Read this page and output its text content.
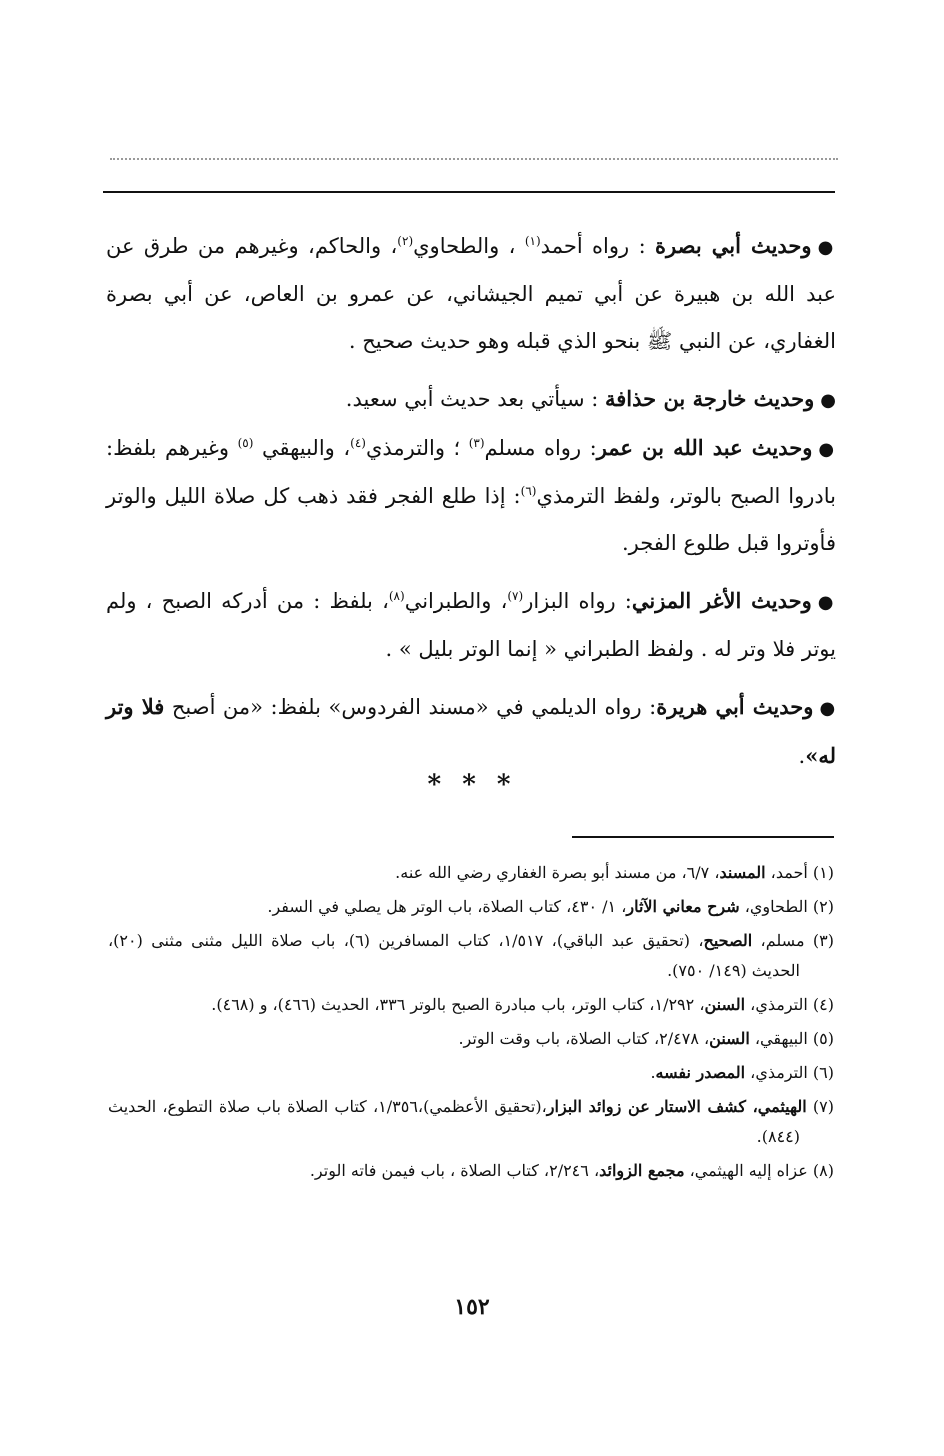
●وحديث أبي بصرة : رواه أحمد$^{(١)}$ ، والطحاوي$^{(٢)}$، والحاكم، وغيرهم من طرق عن عبد الله بن هبيرة عن أبي تميم الجيشاني، عن عمرو بن العاص، عن أبي بصرة الغفاري، عن النبي ﷺ بنحو الذي قبله وهو حديث صحيح .

●وحديث خارجة بن حذافة : سيأتي بعد حديث أبي سعيد.

●وحديث عبد الله بن عمر: رواه مسلم$^{(٣)}$ ؛ والترمذي$^{(٤)}$، والبيهقي $^{(٥)}$ وغيرهم بلفظ: بادروا الصبح بالوتر، ولفظ الترمذي$^{(٦)}$: إذا طلع الفجر فقد ذهب كل صلاة الليل والوتر فأوتروا قبل طلوع الفجر.

●وحديث الأغر المزني: رواه البزار$^{(٧)}$، والطبراني$^{(٨)}$، بلفظ : من أدركه الصبح ، ولم يوتر فلا وتر له . ولفظ الطبراني « إنما الوتر بليل » .

●وحديث أبي هريرة: رواه الديلمي في «مسند الفردوس» بلفظ: «من أصبح فلا وتر له».

* * *

(١) أحمد، المسند، ٦/٧، من مسند أبو بصرة الغفاري رضي الله عنه.

(٢) الطحاوي، شرح معاني الآثار، ١/ ٤٣٠، كتاب الصلاة، باب الوتر هل يصلي في السفر.

(٣) مسلم، الصحيح، (تحقيق عبد الباقي)، ١/٥١٧، كتاب المسافرين (٦)، باب صلاة الليل مثنى مثنى (٢٠)، الحديث (١٤٩/ ٧٥٠).

(٤) الترمذي، السنن، ١/٢٩٢، كتاب الوتر، باب مبادرة الصبح بالوتر ٣٣٦، الحديث (٤٦٦)، و (٤٦٨).

(٥) البيهقي، السنن، ٢/٤٧٨، كتاب الصلاة، باب وقت الوتر.

(٦) الترمذي، المصدر نفسه.

(٧) الهيثمي، كشف الاستار عن زوائد البزار،(تحقيق الأعظمي)،١/٣٥٦، كتاب الصلاة باب صلاة التطوع، الحديث (٨٤٤).

(٨) عزاه إليه الهيثمي، مجمع الزوائد، ٢/٢٤٦، كتاب الصلاة ، باب فيمن فاته الوتر.

١٥٢
